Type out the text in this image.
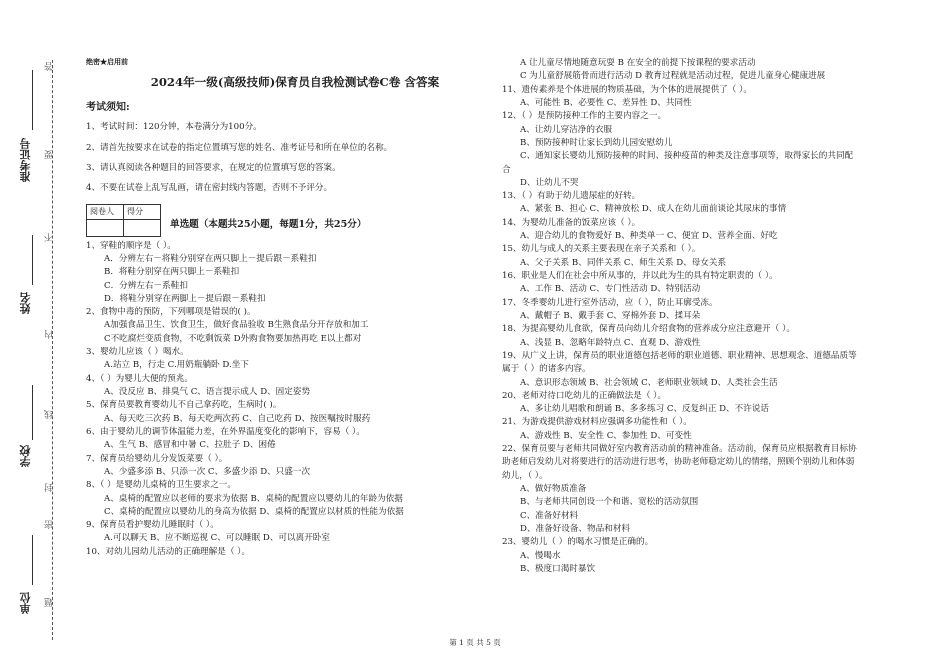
准考证号
姓名
学校
单位
密
封
线
内
不
要
答
题
绝密★启用前
2024年一级(高级技师)保育员自我检测试卷C卷 含答案
考试须知:

1、考试时间：120分钟，本卷满分为100分。

2、请首先按要求在试卷的指定位置填写您的姓名、准考证号和所在单位的名称。

3、请认真阅读各种题目的回答要求，在规定的位置填写您的答案。

4、不要在试卷上乱写乱画，请在密封线内答题，否则不予评分。

阅卷人	得分

单选题（本题共25小题，每题1分，共25分）
1、穿鞋的顺序是（ ）。
A．分辨左右－将鞋分别穿在两只脚上－提后跟－系鞋扣
B．将鞋分别穿在两只脚上－系鞋扣
C．分辨左右－系鞋扣
D．将鞋分别穿在两脚上－提后跟－系鞋扣
2、食物中毒的预防，下列哪项是错误的( )。
A加强食品卫生、饮食卫生，做好食品验收 B生熟食品分开存放和加工
C不吃腐烂变质食物，不吃剩饭菜 D外购食物要加热再吃 E以上都对
3、婴幼儿应该（ ）喝水。
A.站立 B，行走 C.用奶瓶躺卧 D.坐下
4、（ ）为婴儿大便的预兆。
A、没反应 B、排臭气 C、语言提示成人 D、固定姿势
5、保育员要教育婴幼儿不自己拿药吃，生病时( )。
A、每天吃三次药 B、每天吃两次药 C、自己吃药 D、按医嘱按时服药
6、由于婴幼儿的调节体温能力差，在外界温度变化的影响下，容易（ ）。
A、生气 B、感冒和中暑 C、拉肚子 D、困倦
7、保育员给婴幼儿分发饭菜要（ ）。
A、少盛多添 B、只添一次 C、多盛少添 D、只盛一次
8、（ ）是婴幼儿桌椅的卫生要求之一。
A、桌椅的配置应以老师的要求为依据 B、桌椅的配置应以婴幼儿的年龄为依据
C、桌椅的配置应以婴幼儿的身高为依据 D、桌椅的配置应以材质的性能为依据
9、保育员看护婴幼儿睡眠时（ ）。
A.可以聊天 B、应不断巡视 C、可以睡眠 D、可以离开卧室
10、对幼儿园幼儿活动的正确理解是（ ）。
A 让儿童尽情地随意玩耍 B 在安全的前提下按课程的要求活动
C 为儿童舒展筋骨而进行活动 D 教育过程就是活动过程，促进儿童身心健康进展
11、遗传素养是个体进展的物质基础，为个体的进展提供了（ ）。
A、可能性 B、必要性 C、差异性 D、共同性
12、（ ）是预防接种工作的主要内容之一。
A、让幼儿穿洁净的衣服
B、预防接种时让家长到幼儿园安慰幼儿
C、通知家长婴幼儿预防接种的时间、接种疫苗的种类及注意事项等，取得家长的共同配
合
D、让幼儿不哭
13、（ ）有助于幼儿遗尿症的好转。
A、紧张 B、担心 C、精神放松 D、成人在幼儿面前谈论其尿床的事情
14、为婴幼儿准备的饭菜应该（ ）。
A、迎合幼儿的食物爱好 B、种类单一 C、便宜 D、营养全面、好吃
15、幼儿与成人的关系主要表现在亲子关系和（ ）。
A、父子关系 B、同伴关系 C、师生关系 D、母女关系
16、职业是人们在社会中所从事的，并以此为生的具有特定职责的（ ）。
A、工作 B、活动 C、专门性活动 D、特别活动
17、冬季婴幼儿进行室外活动，应（ ），防止耳廓受冻。
A、戴帽子 B、戴手套 C、穿棉外套 D、揉耳朵
18、为提高婴幼儿食欲，保育员向幼儿介绍食物的营养成分应注意避开（ ）。
A、浅显 B、忽略年龄特点 C、直观 D、游戏性
19、从广义上讲，保育员的职业道德包括老师的职业道德、职业精神、思想观念、道德品质等
属于（ ）的诸多内容。
A、意识形态领域 B、社会领域 C、老师职业领域 D、人类社会生活
20、老师对待口吃幼儿的正确做法是（ ）。
A、多让幼儿唱歌和朗诵 B、多多练习 C、反复纠正 D、不许说话
21、为游戏提供游戏材料应强调多功能性和（ ）。
A、游戏性 B、安全性 C、参加性 D、可变性
22、保育员要与老师共同做好室内教育活动前的精神准备。活动前，保育员应根据教育目标协
助老师启发幼儿对将要进行的活动进行思考，协助老师稳定幼儿的情绪，照顾个别幼儿和体弱
幼儿，（ ）。
A、做好物质准备
B、与老师共同创设一个和谐、宽松的活动氛围
C、准备好材料
D、准备好设备、物品和材料
23、婴幼儿（ ）的喝水习惯是正确的。
A、慢喝水
B、极度口渴时暴饮
第 1 页 共 5 页
